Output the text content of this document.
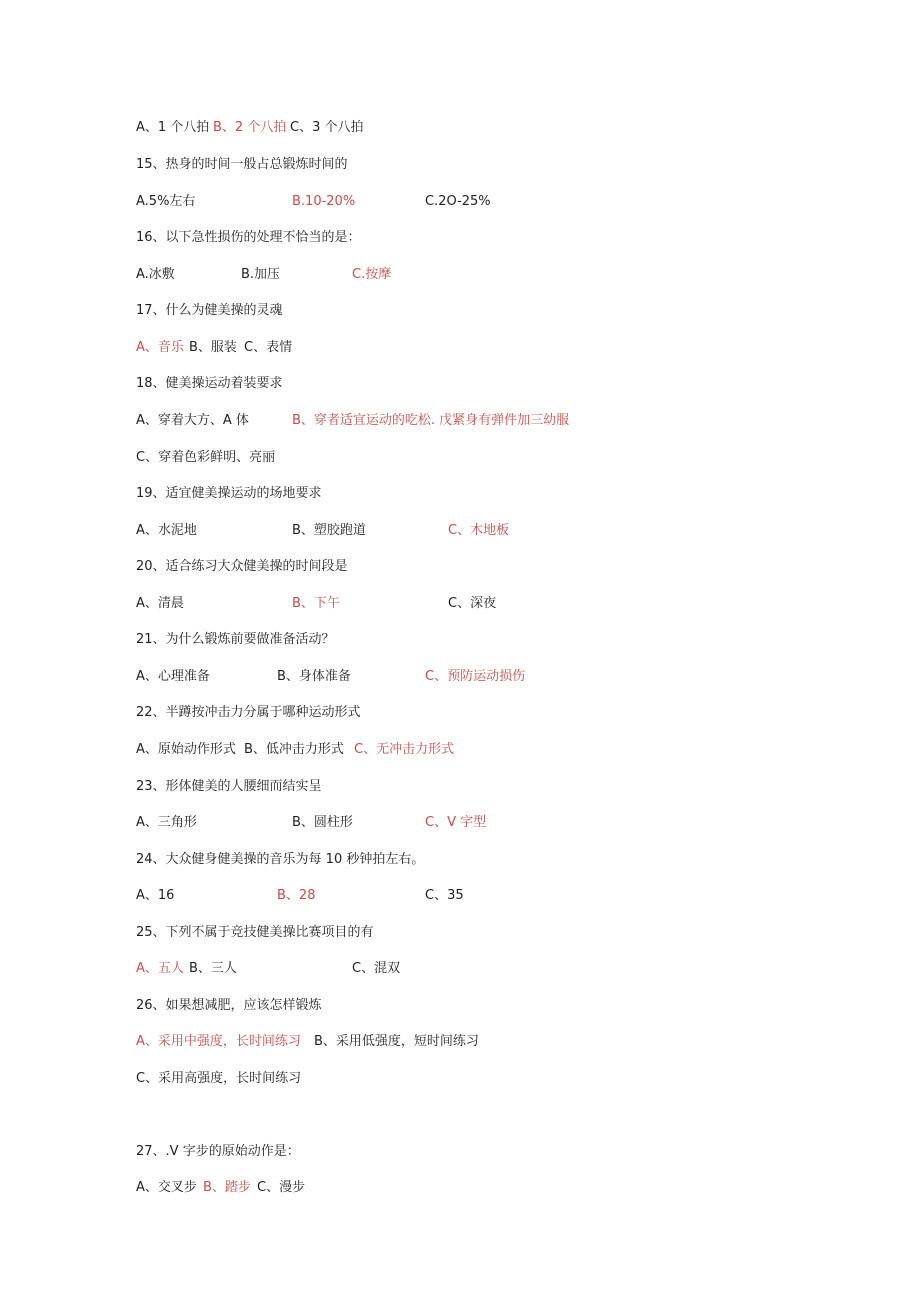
A、1 个八拍 B、2 个八拍 C、3 个八拍
15、热身的时间一般占总锻炼时间的
A.5%左右	B.10-20%	C.2O-25%
16、以下急性损伤的处理不恰当的是：
A.冰敷	B.加压	C.按摩
17、什么为健美操的灵魂
A、音乐 B、服装 C、表情
18、健美操运动着装要求
A、穿着大方、A 体	B、穿者适宜运动的吃松. 戊紧身有弹件加三幼服
C、穿着色彩鲜明、亮丽
19、适宜健美操运动的场地要求
A、水泥地	B、塑胶跑道	C、木地板
20、适合练习大众健美操的时间段是
A、清晨	B、下午	C、深夜
21、为什么锻炼前要做准备活动？
A、心理准备	B、身体准备	C、预防运动损伤
22、半蹲按冲击力分属于哪种运动形式
A、原始动作形式 B、低冲击力形式 C、无冲击力形式
23、形体健美的人腰细而结实呈
A、三角形	B、圆柱形	C、V 字型
24、大众健身健美操的音乐为每 10 秒钟拍左右。
A、16	B、28	C、35
25、下列不属于竞技健美操比赛项目的有
A、五人 B、三人	C、混双
26、如果想减肥，应该怎样锻炼
A、采用中强度，长时间练习 B、采用低强度，短时间练习
C、采用高强度，长时间练习
27、.V 字步的原始动作是：
A、交叉步 B、踏步 C、漫步
